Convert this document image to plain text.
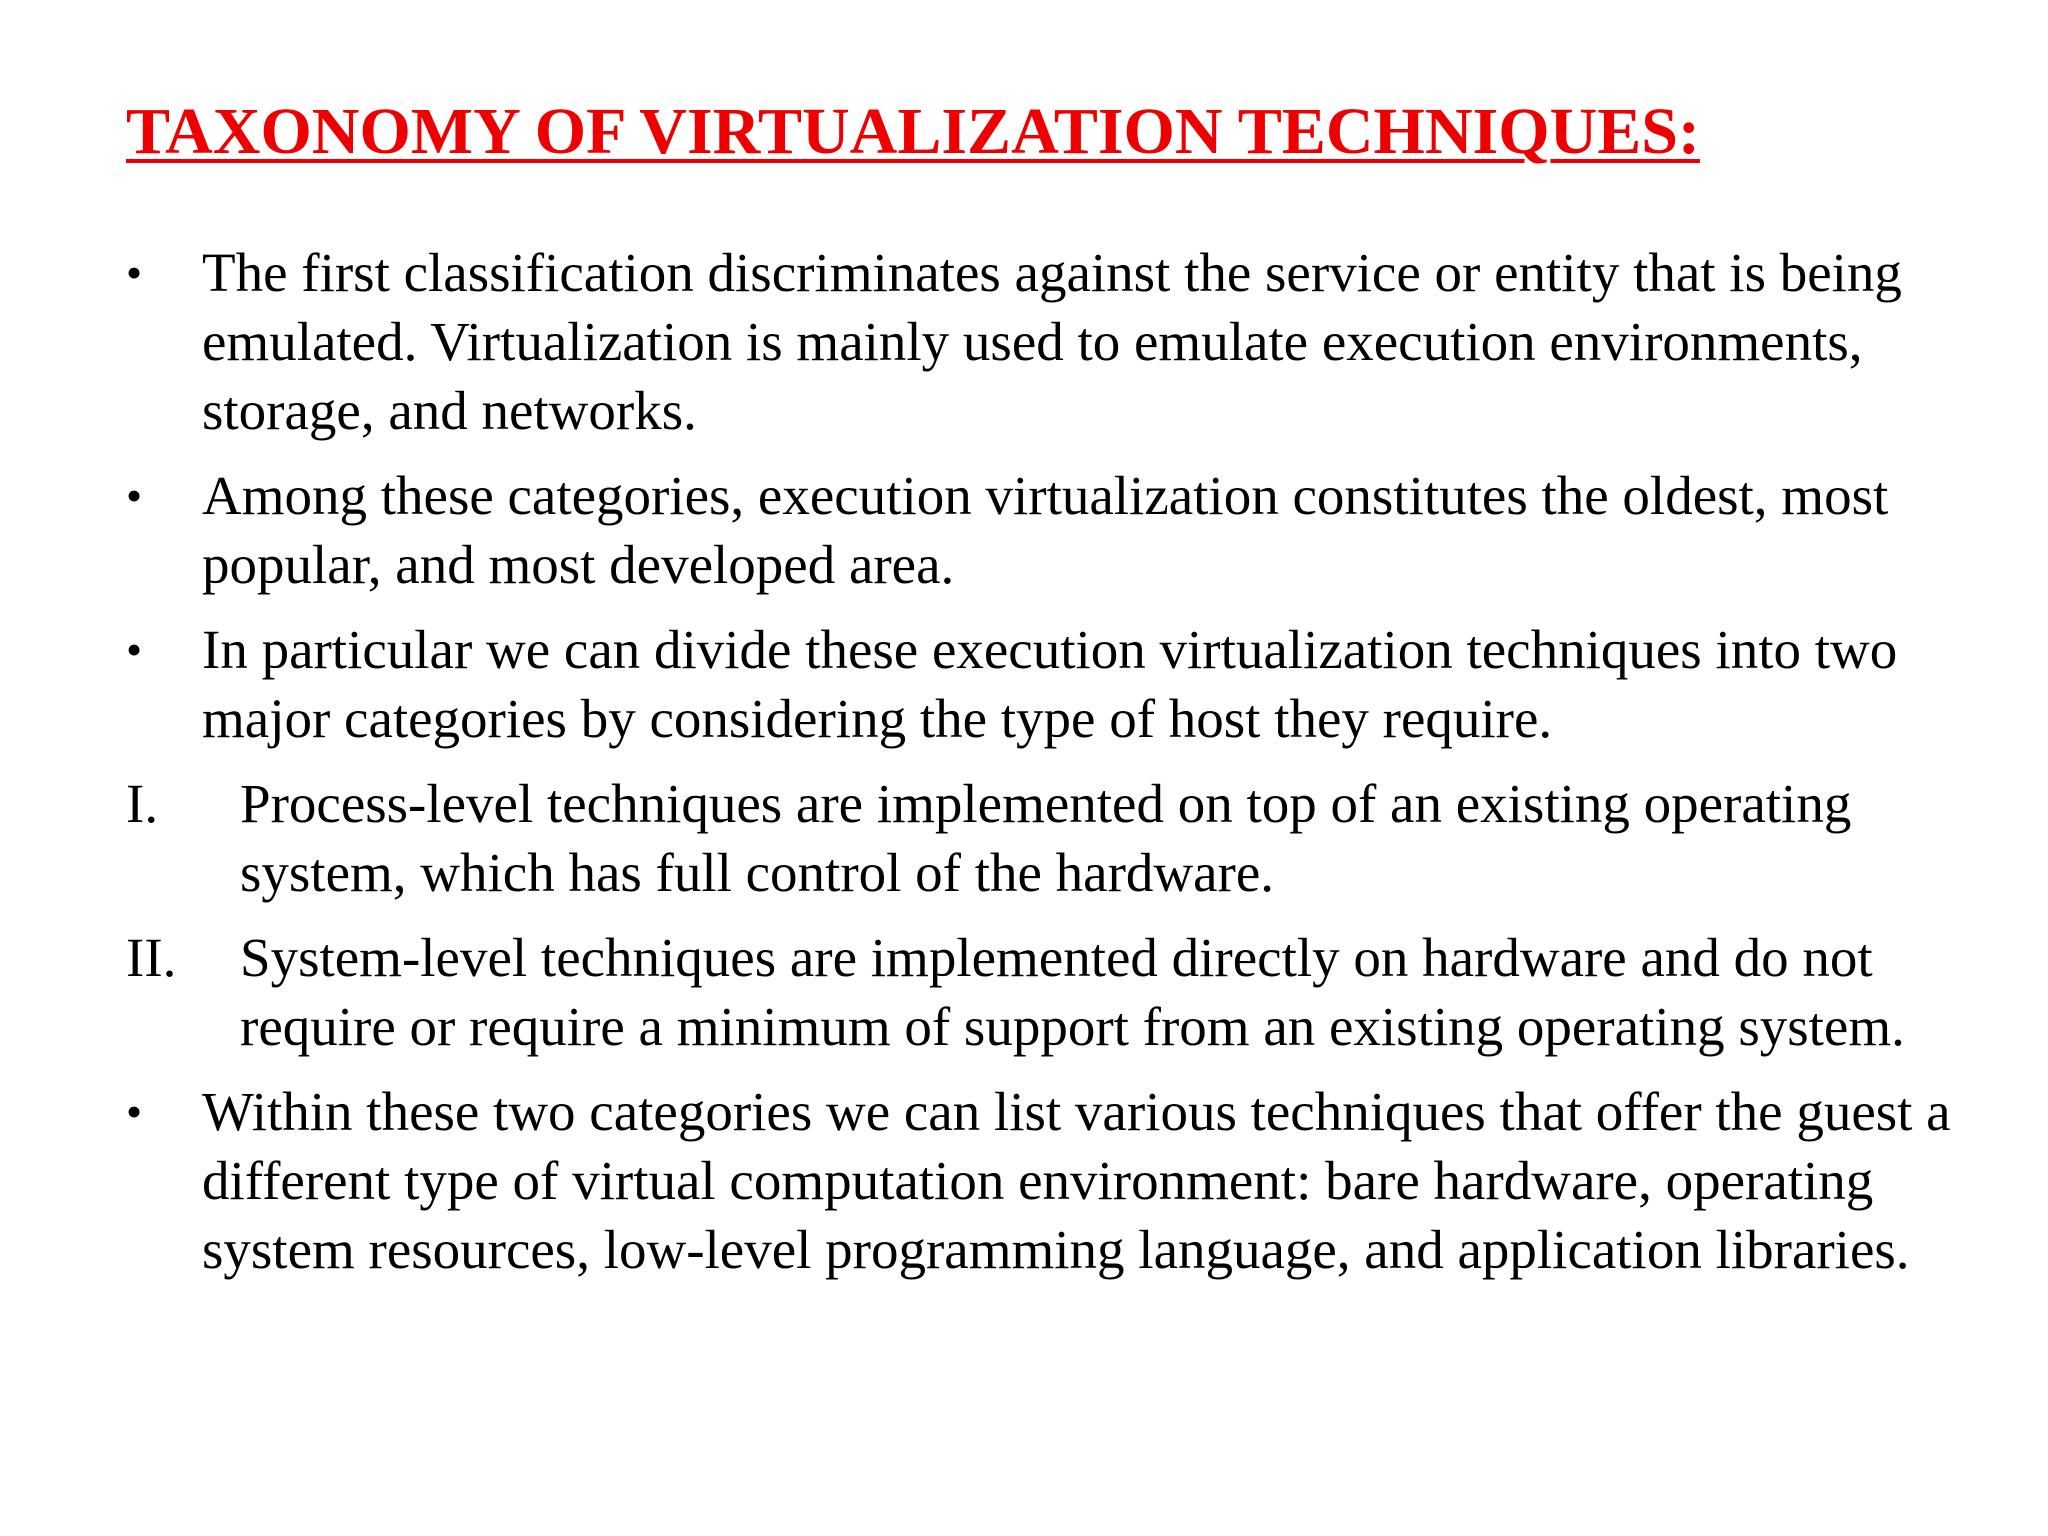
TAXONOMY OF VIRTUALIZATION TECHNIQUES:
• The first classification discriminates against the service or entity that is being emulated. Virtualization is mainly used to emulate execution environments, storage, and networks.
• Among these categories, execution virtualization constitutes the oldest, most popular, and most developed area.
• In particular we can divide these execution virtualization techniques into two major categories by considering the type of host they require.
I. Process-level techniques are implemented on top of an existing operating system, which has full control of the hardware.
II. System-level techniques are implemented directly on hardware and do not require or require a minimum of support from an existing operating system.
• Within these two categories we can list various techniques that offer the guest a different type of virtual computation environment: bare hardware, operating system resources, low-level programming language, and application libraries.
